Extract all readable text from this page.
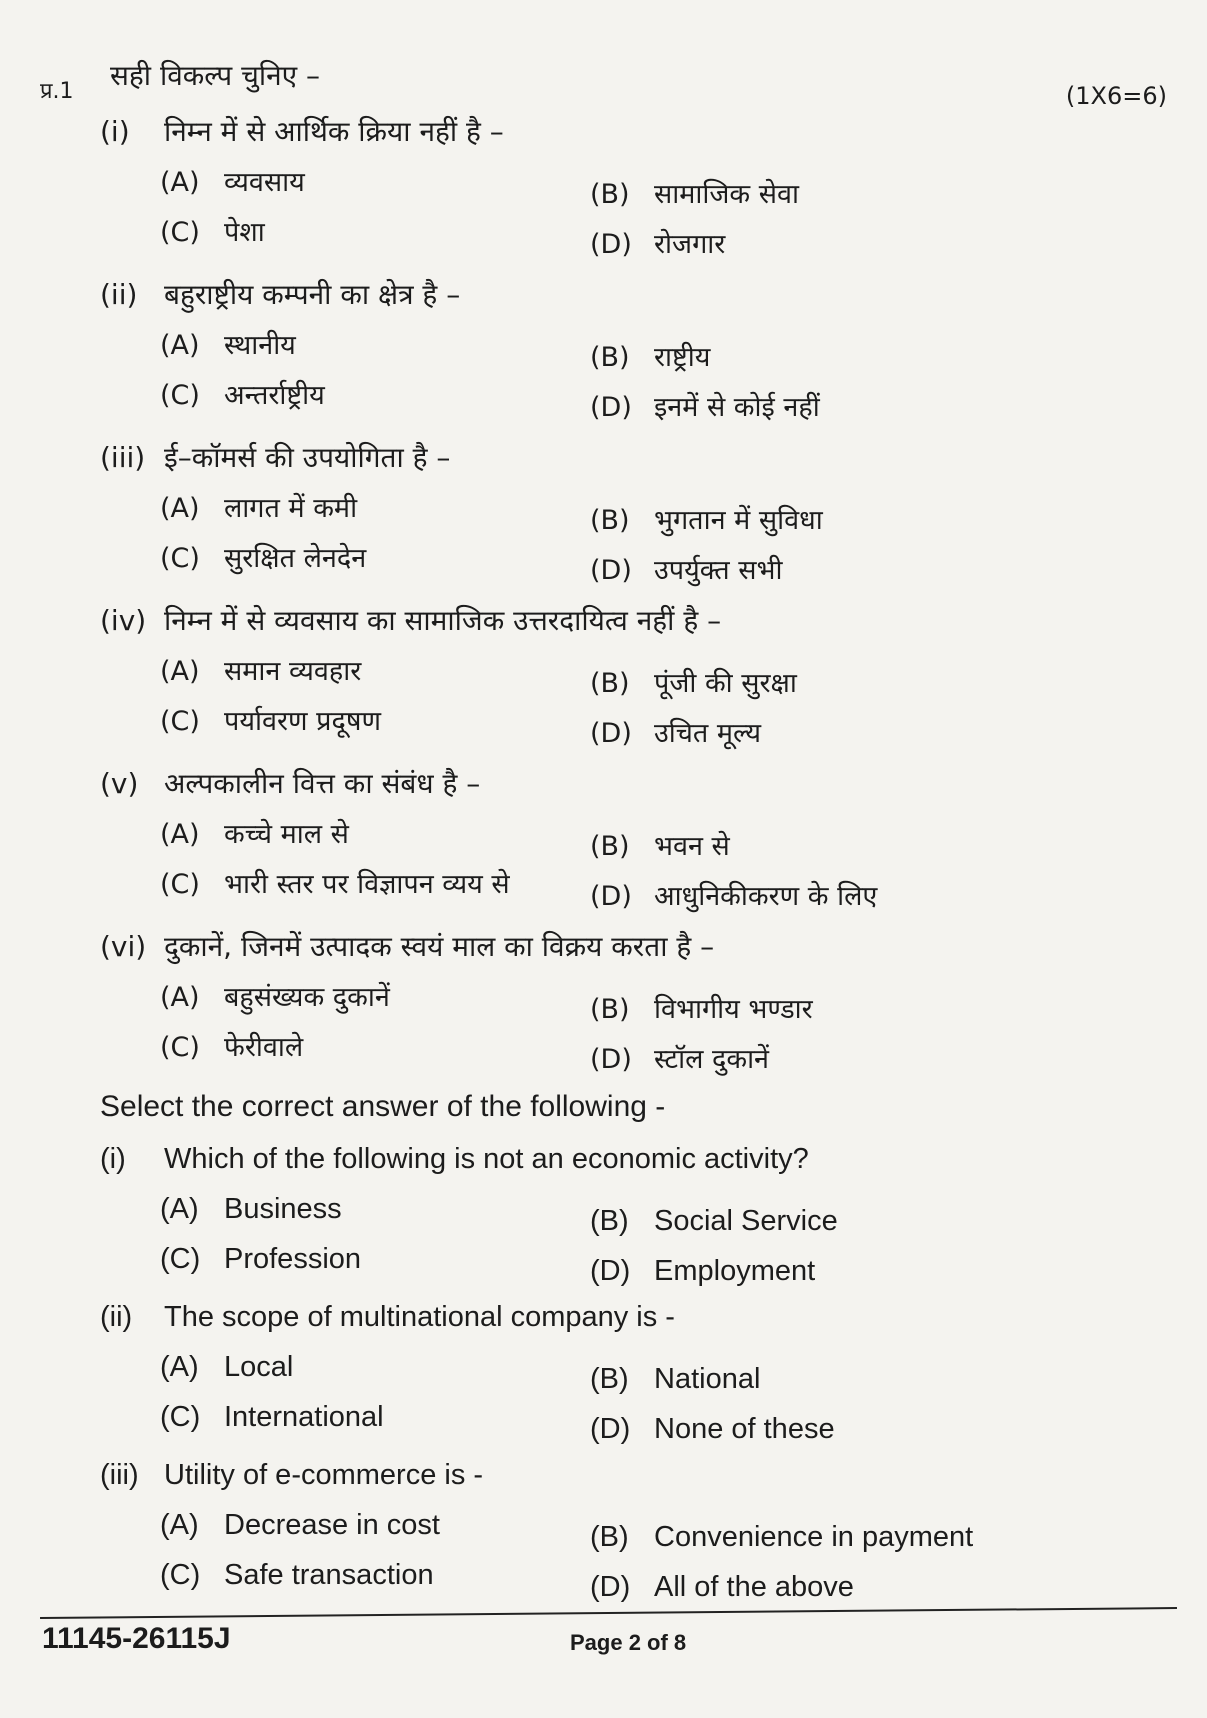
प्र.1 सही विकल्प चुनिए –
(1X6=6)
(i) निम्न में से आर्थिक क्रिया नहीं है –
(A) व्यवसाय	(B) सामाजिक सेवा
(C) पेशा	(D) रोजगार
(ii) बहुराष्ट्रीय कम्पनी का क्षेत्र है –
(A) स्थानीय	(B) राष्ट्रीय
(C) अन्तर्राष्ट्रीय	(D) इनमें से कोई नहीं
(iii) ई–कॉमर्स की उपयोगिता है –
(A) लागत में कमी	(B) भुगतान में सुविधा
(C) सुरक्षित लेनदेन	(D) उपर्युक्त सभी
(iv) निम्न में से व्यवसाय का सामाजिक उत्तरदायित्व नहीं है –
(A) समान व्यवहार	(B) पूंजी की सुरक्षा
(C) पर्यावरण प्रदूषण	(D) उचित मूल्य
(v) अल्पकालीन वित्त का संबंध है –
(A) कच्चे माल से	(B) भवन से
(C) भारी स्तर पर विज्ञापन व्यय से	(D) आधुनिकीकरण के लिए
(vi) दुकानें, जिनमें उत्पादक स्वयं माल का विक्रय करता है –
(A) बहुसंख्यक दुकानें	(B) विभागीय भण्डार
(C) फेरीवाले	(D) स्टॉल दुकानें
Select the correct answer of the following -
(i) Which of the following is not an economic activity?
(A) Business	(B) Social Service
(C) Profession	(D) Employment
(ii) The scope of multinational company is -
(A) Local	(B) National
(C) International	(D) None of these
(iii) Utility of e-commerce is -
(A) Decrease in cost	(B) Convenience in payment
(C) Safe transaction	(D) All of the above
11145-26115J	Page 2 of 8
